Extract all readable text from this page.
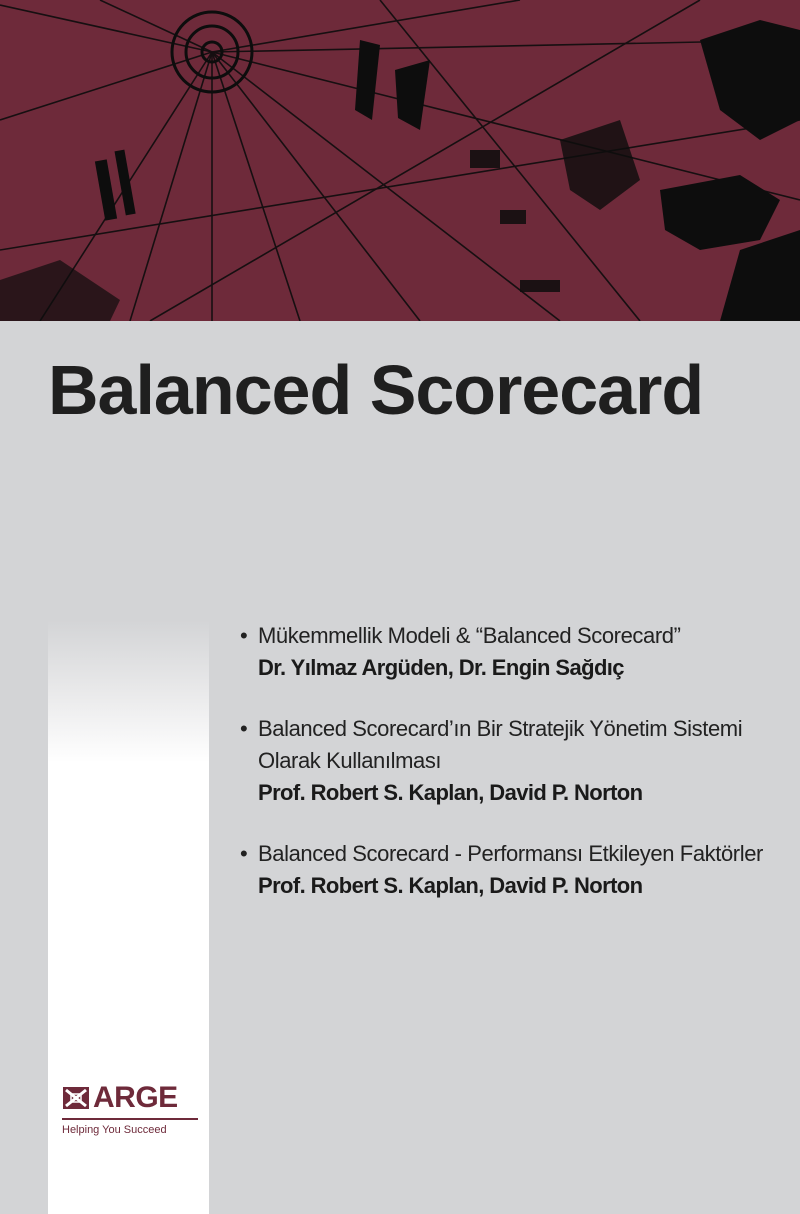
Balanced Scorecard
• Mükemmellik Modeli & “Balanced Scorecard”
Dr. Yılmaz Argüden, Dr. Engin Sağdıç
• Balanced Scorecard’ın Bir Stratejik Yönetim Sistemi
Olarak Kullanılması
Prof. Robert S. Kaplan, David P. Norton
• Balanced Scorecard - Performansı Etkileyen Faktörler
Prof. Robert S. Kaplan, David P. Norton
ARGE
Helping You Succeed
